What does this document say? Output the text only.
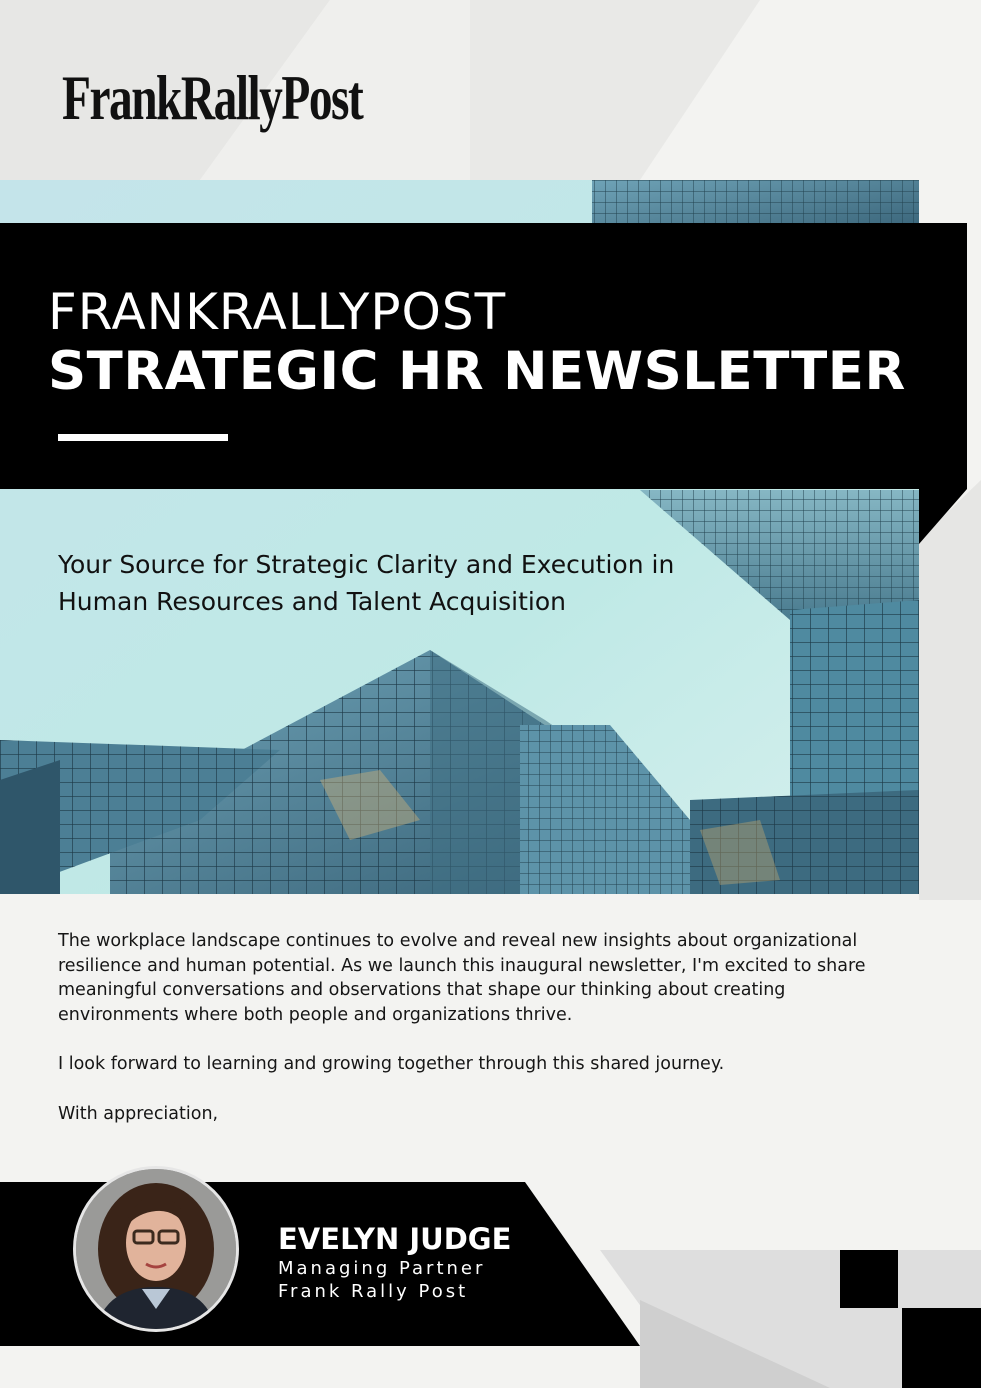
FrankRallyPost
FRANKRALLYPOST
STRATEGIC HR NEWSLETTER
Your Source for Strategic Clarity and Execution in Human Resources and Talent Acquisition

The workplace landscape continues to evolve and reveal new insights about organizational resilience and human potential. As we launch this inaugural newsletter, I'm excited to share meaningful conversations and observations that shape our thinking about creating environments where both people and organizations thrive.

I look forward to learning and growing together through this shared journey.

With appreciation,

EVELYN JUDGE
Managing Partner
Frank Rally Post
